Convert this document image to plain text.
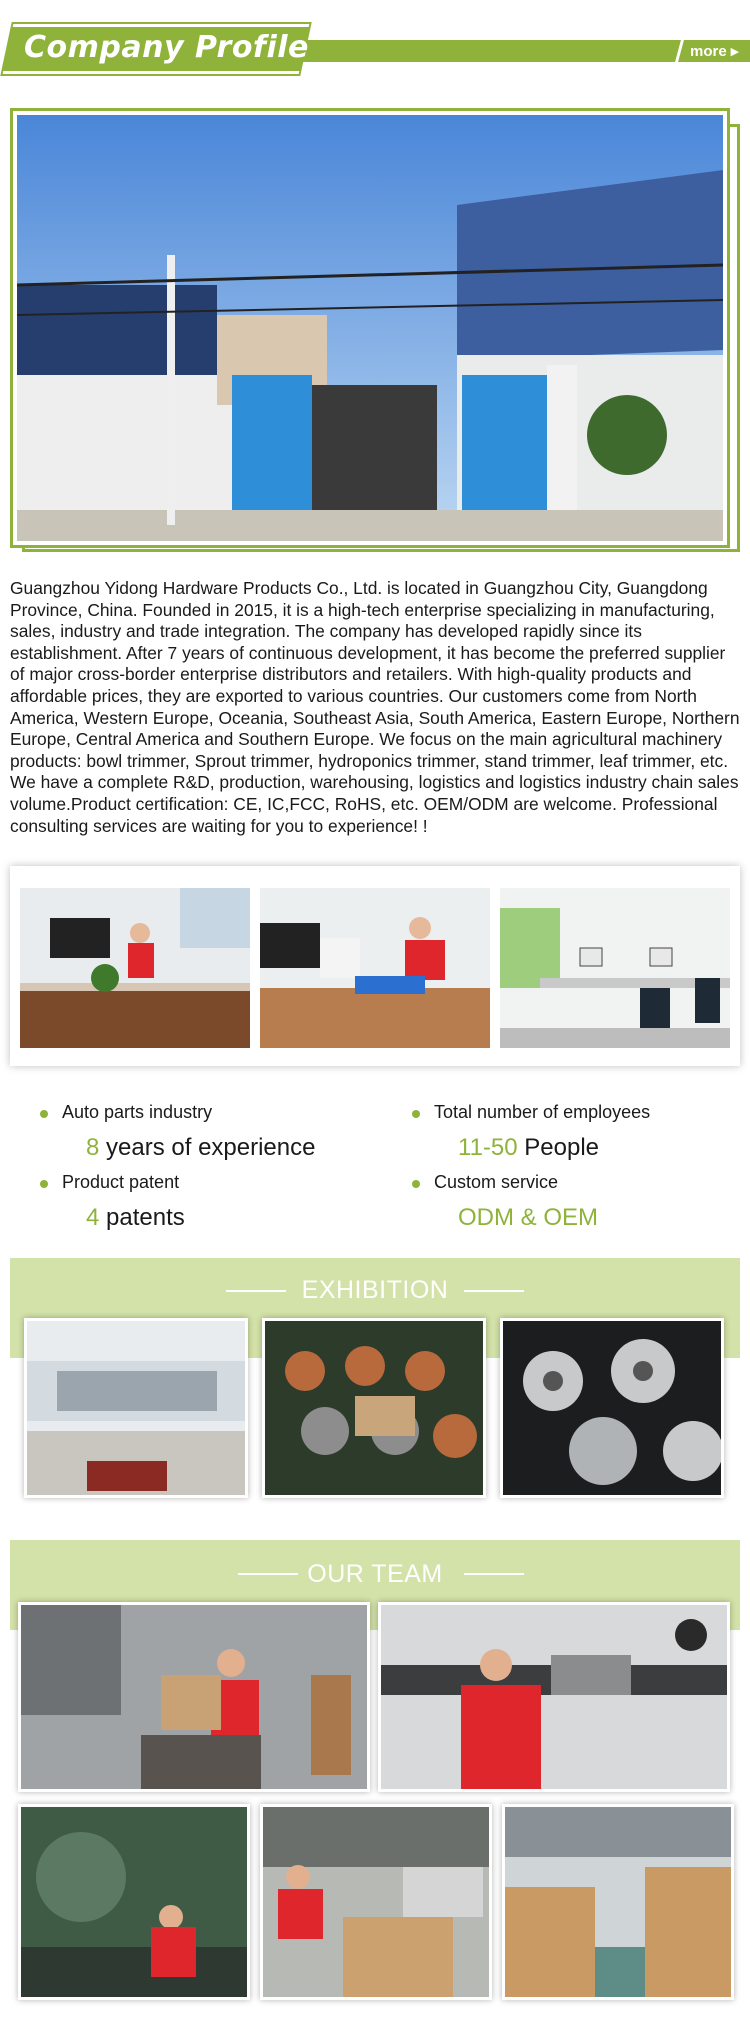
Company Profile	more ▸

Guangzhou Yidong Hardware Products Co., Ltd. is located in Guangzhou City, Guangdong Province, China. Founded in 2015, it is a high-tech enterprise specializing in manufacturing, sales, industry and trade integration. The company has developed rapidly since its establishment. After 7 years of continuous development, it has become the preferred supplier of major cross-border enterprise distributors and retailers. With high-quality products and affordable prices, they are exported to various countries. Our customers come from North America, Western Europe, Oceania, Southeast Asia, South America, Eastern Europe, Northern Europe, Central America and Southern Europe. We focus on the main agricultural machinery products: bowl trimmer, Sprout trimmer, hydroponics trimmer, stand trimmer, leaf trimmer, etc. We have a complete R&D, production, warehousing, logistics and logistics industry chain sales volume.Product certification: CE, IC,FCC, RoHS, etc. OEM/ODM are welcome. Professional consulting services are waiting for you to experience! !

Auto parts industry
8 years of experience
Total number of employees
11-50 People
Product patent
4 patents
Custom service
ODM & OEM
EXHIBITION
OUR TEAM
